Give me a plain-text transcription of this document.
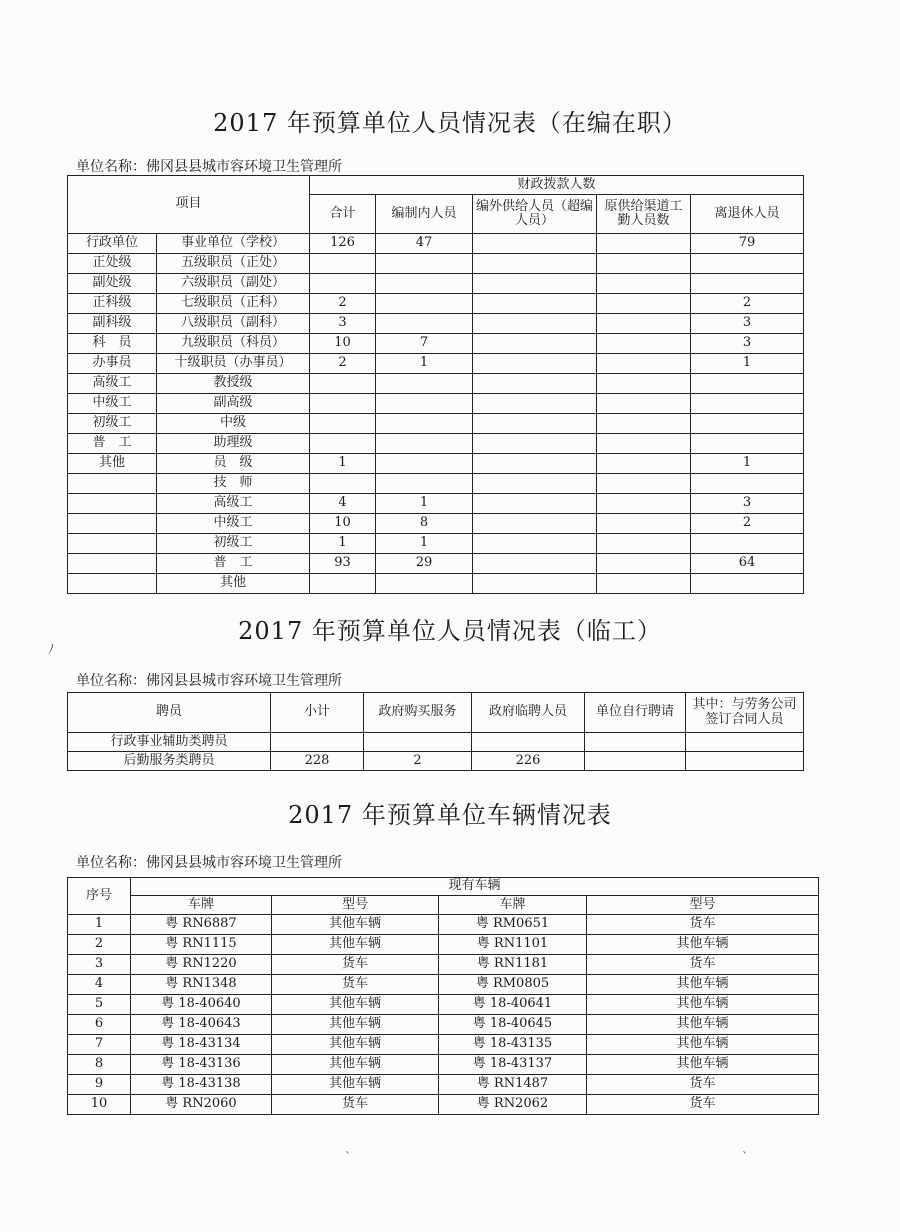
2017 年预算单位人员情况表（在编在职）
单位名称：佛冈县县城市容环境卫生管理所
项目		财政拨款人数				
		合计	编制内人员	编外供给人员（超编人员）	原供给渠道工勤人员数	离退休人员
行政单位	事业单位（学校）	126	47			79
正处级	五级职员（正处）					
副处级	六级职员（副处）					
正科级	七级职员（正科）	2				2
副科级	八级职员（副科）	3				3
科　员	九级职员（科员）	10	7			3
办事员	十级职员（办事员）	2	1			1
高级工	教授级					
中级工	副高级					
初级工	中级					
普　工	助理级					
其他	员　级	1				1
	技　师					
	高级工	4	1			3
	中级工	10	8			2
	初级工	1	1			
	普　工	93	29			64
	其他					
2017 年预算单位人员情况表（临工）
ﾉ
单位名称：佛冈县县城市容环境卫生管理所
聘员	小计	政府购买服务	政府临聘人员	单位自行聘请	其中：与劳务公司签订合同人员
行政事业辅助类聘员					
后勤服务类聘员	228	2	226		
2017 年预算单位车辆情况表
单位名称：佛冈县县城市容环境卫生管理所
序号	现有车辆			
	车牌	型号	车牌	型号
1	粤 RN6887	其他车辆	粤 RM0651	货车
2	粤 RN1115	其他车辆	粤 RN1101	其他车辆
3	粤 RN1220	货车	粤 RN1181	货车
4	粤 RN1348	货车	粤 RM0805	其他车辆
5	粤 18-40640	其他车辆	粤 18-40641	其他车辆
6	粤 18-40643	其他车辆	粤 18-40645	其他车辆
7	粤 18-43134	其他车辆	粤 18-43135	其他车辆
8	粤 18-43136	其他车辆	粤 18-43137	其他车辆
9	粤 18-43138	其他车辆	粤 RN1487	货车
10	粤 RN2060	货车	粤 RN2062	货车
ˋ	ˋ
